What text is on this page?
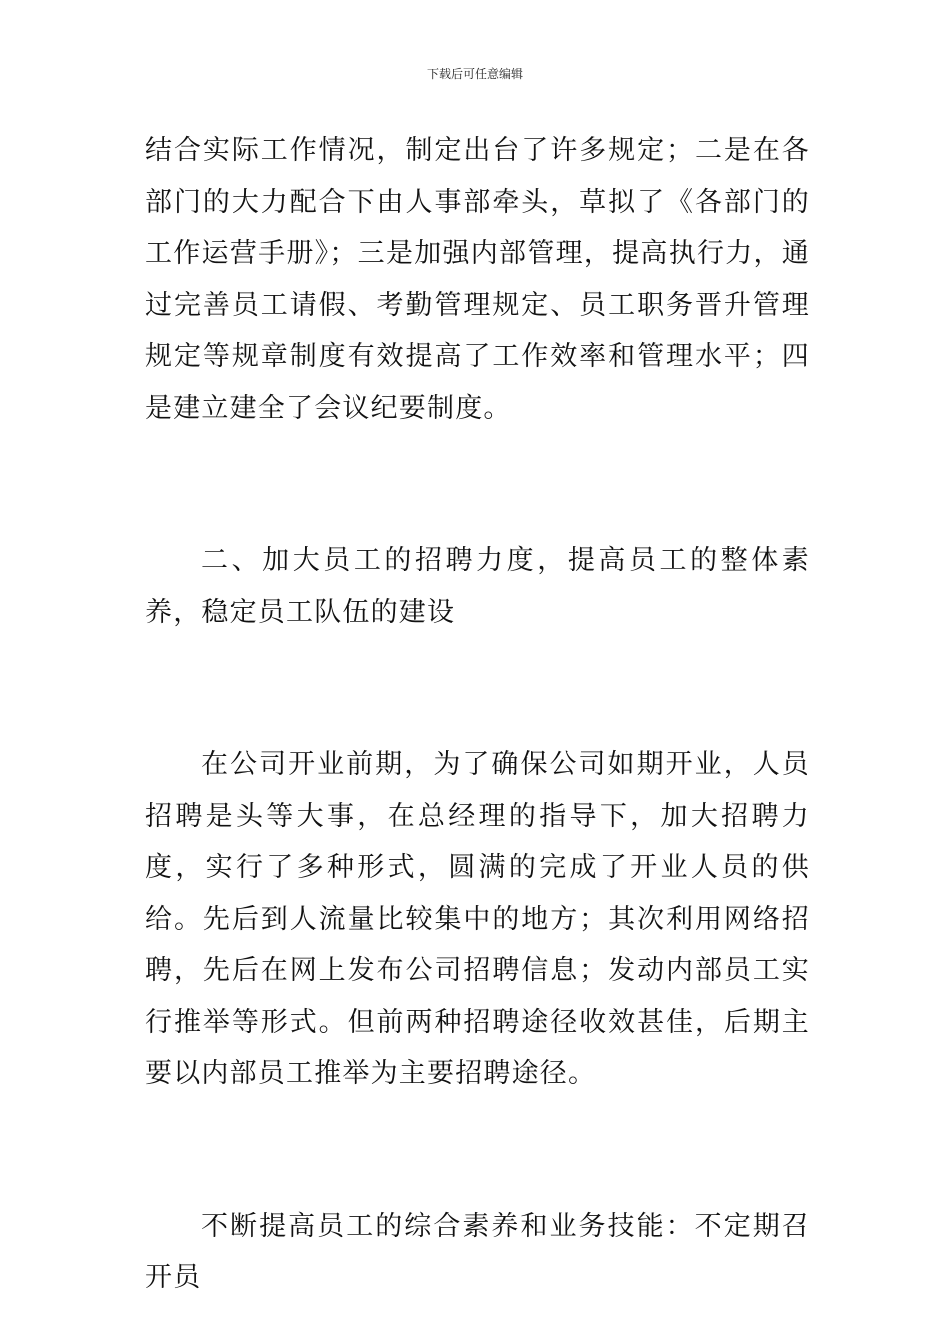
下载后可任意编辑

结合实际工作情况，制定出台了许多规定；二是在各部门的大力配合下由人事部牵头，草拟了《各部门的工作运营手册》；三是加强内部管理，提高执行力，通过完善员工请假、考勤管理规定、员工职务晋升管理规定等规章制度有效提高了工作效率和管理水平；四是建立建全了会议纪要制度。

二、加大员工的招聘力度，提高员工的整体素养，稳定员工队伍的建设

在公司开业前期，为了确保公司如期开业，人员招聘是头等大事，在总经理的指导下，加大招聘力度，实行了多种形式，圆满的完成了开业人员的供给。先后到人流量比较集中的地方；其次利用网络招聘，先后在网上发布公司招聘信息；发动内部员工实行推举等形式。但前两种招聘途径收效甚佳，后期主要以内部员工推举为主要招聘途径。

不断提高员工的综合素养和业务技能：不定期召开员
